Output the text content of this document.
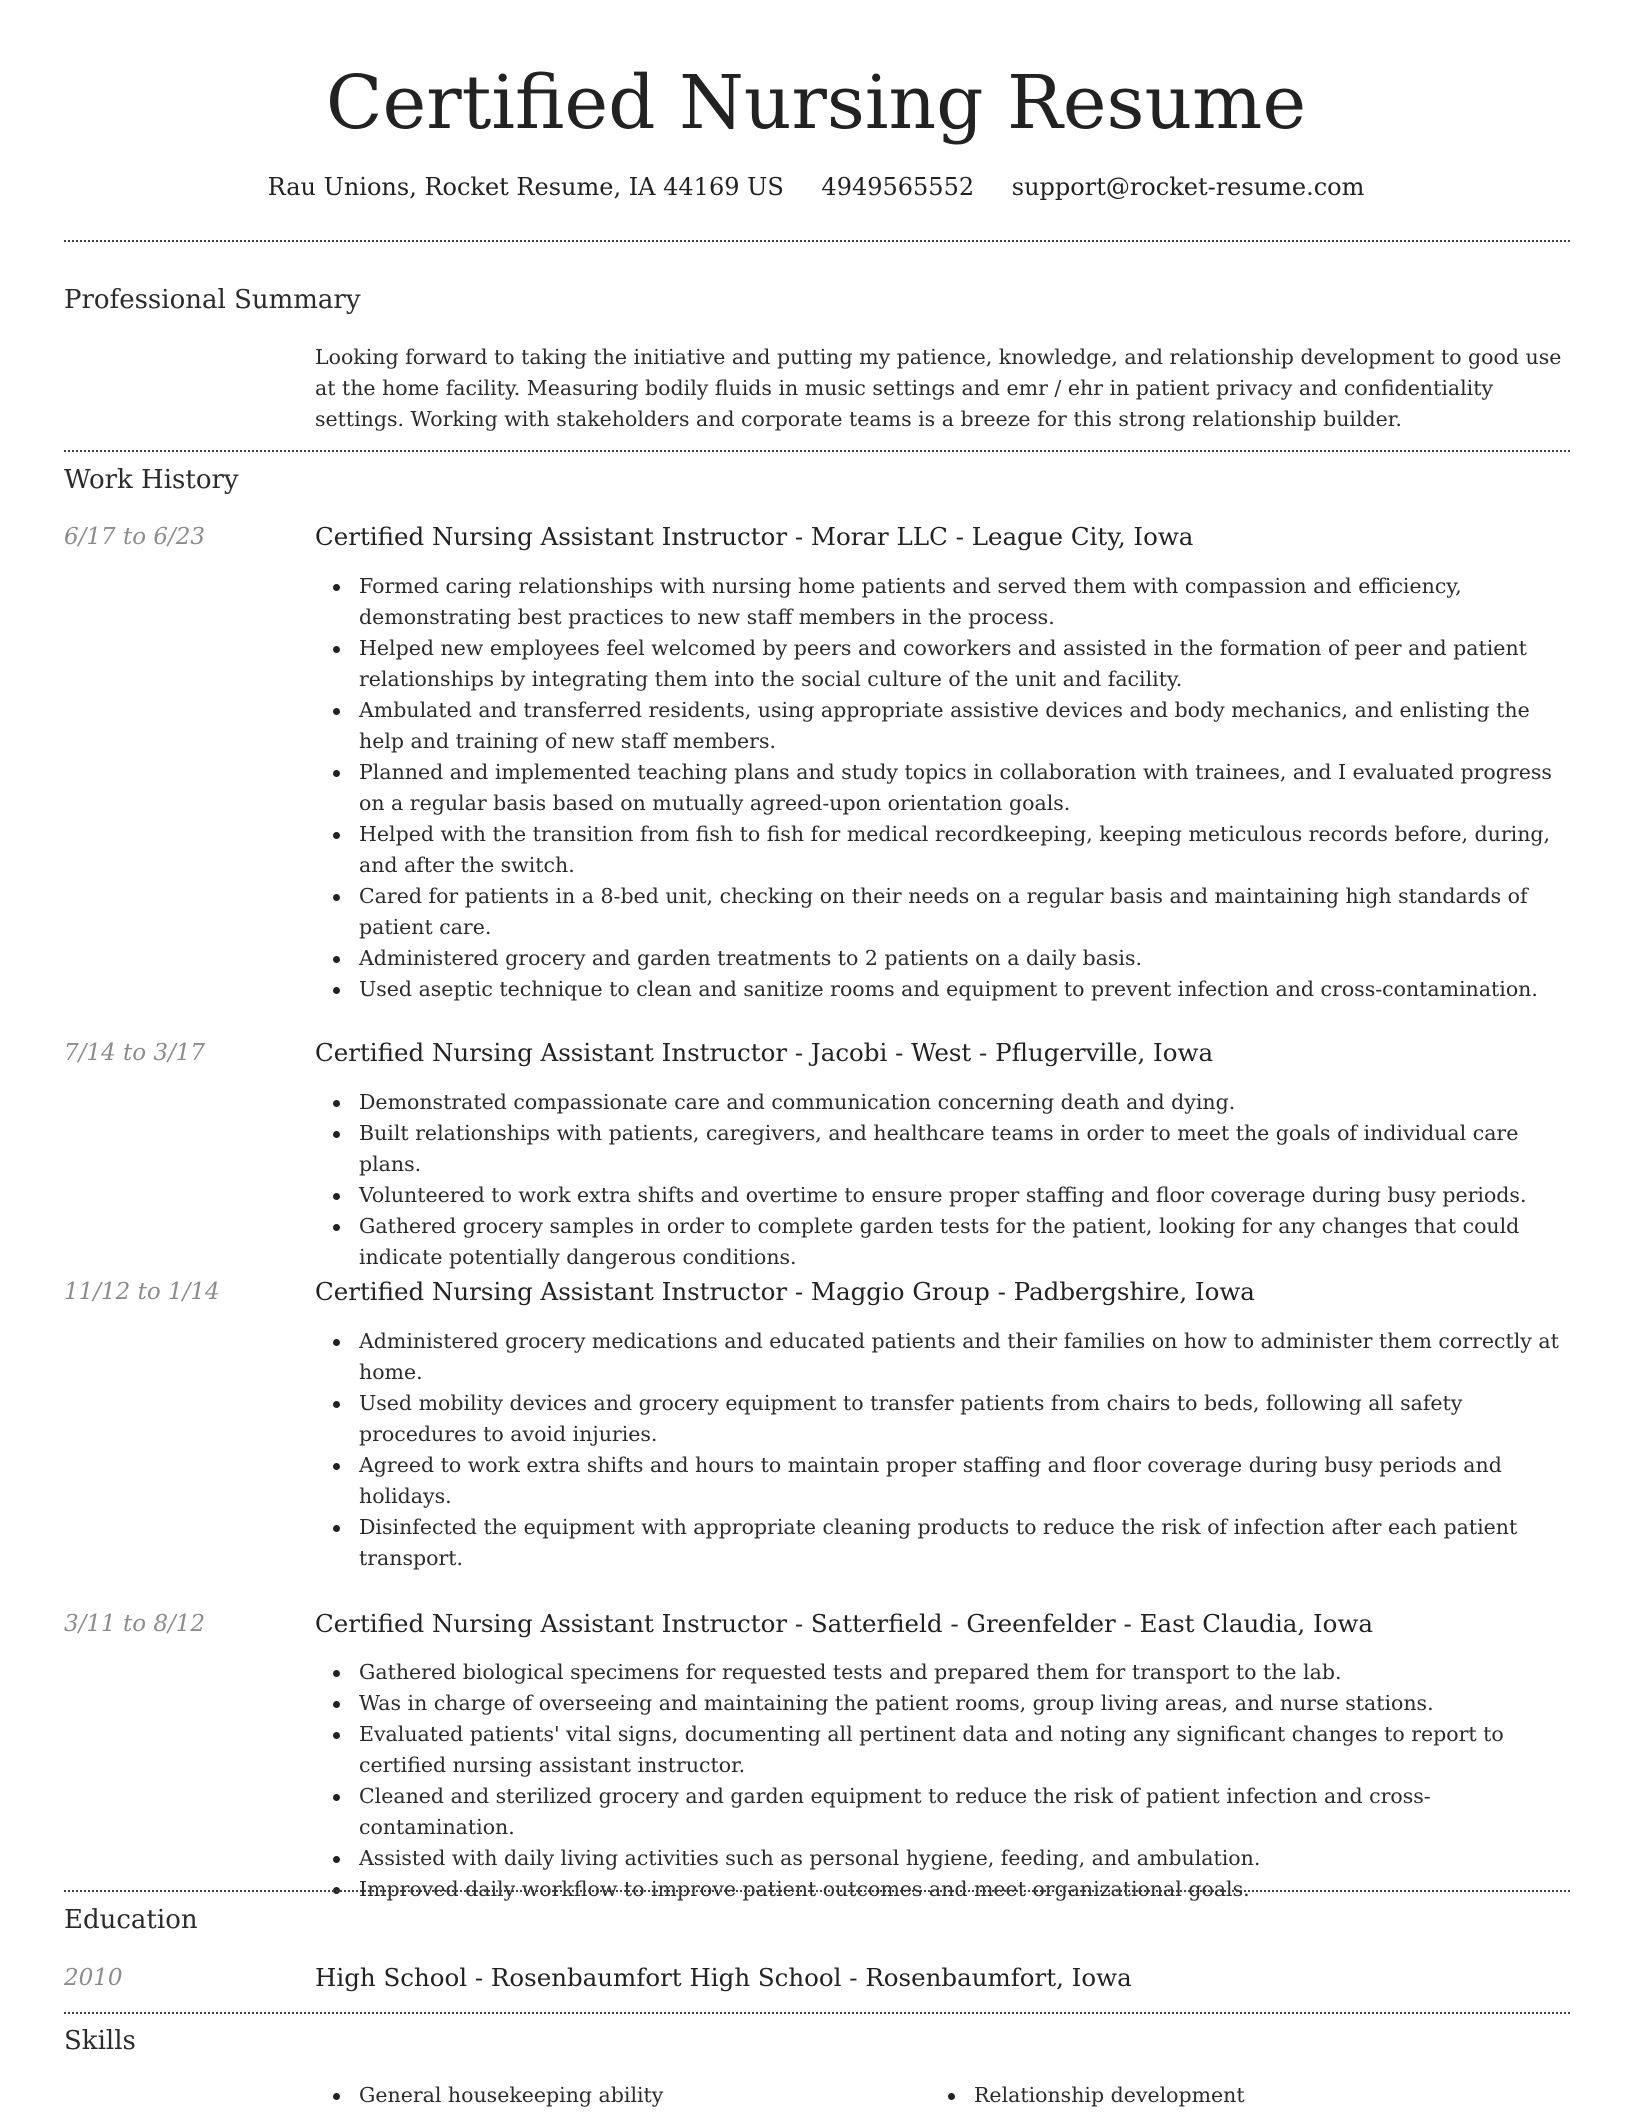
Certified Nursing Resume
Rau Unions, Rocket Resume, IA 44169 US 4949565552 support@rocket-resume.com
Professional Summary

Looking forward to taking the initiative and putting my patience, knowledge, and relationship development to good use at the home facility. Measuring bodily fluids in music settings and emr / ehr in patient privacy and confidentiality settings. Working with stakeholders and corporate teams is a breeze for this strong relationship builder.

Work History
6/17 to 6/23	Certified Nursing Assistant Instructor - Morar LLC - League City, Iowa
Formed caring relationships with nursing home patients and served them with compassion and efficiency, demonstrating best practices to new staff members in the process.
Helped new employees feel welcomed by peers and coworkers and assisted in the formation of peer and patient relationships by integrating them into the social culture of the unit and facility.
Ambulated and transferred residents, using appropriate assistive devices and body mechanics, and enlisting the help and training of new staff members.
Planned and implemented teaching plans and study topics in collaboration with trainees, and I evaluated progress on a regular basis based on mutually agreed-upon orientation goals.
Helped with the transition from fish to fish for medical recordkeeping, keeping meticulous records before, during, and after the switch.
Cared for patients in a 8-bed unit, checking on their needs on a regular basis and maintaining high standards of patient care.
Administered grocery and garden treatments to 2 patients on a daily basis.
Used aseptic technique to clean and sanitize rooms and equipment to prevent infection and cross-contamination.
7/14 to 3/17	Certified Nursing Assistant Instructor - Jacobi - West - Pflugerville, Iowa
Demonstrated compassionate care and communication concerning death and dying.
Built relationships with patients, caregivers, and healthcare teams in order to meet the goals of individual care plans.
Volunteered to work extra shifts and overtime to ensure proper staffing and floor coverage during busy periods.
Gathered grocery samples in order to complete garden tests for the patient, looking for any changes that could indicate potentially dangerous conditions.
11/12 to 1/14	Certified Nursing Assistant Instructor - Maggio Group - Padbergshire, Iowa
Administered grocery medications and educated patients and their families on how to administer them correctly at home.
Used mobility devices and grocery equipment to transfer patients from chairs to beds, following all safety procedures to avoid injuries.
Agreed to work extra shifts and hours to maintain proper staffing and floor coverage during busy periods and holidays.
Disinfected the equipment with appropriate cleaning products to reduce the risk of infection after each patient transport.
3/11 to 8/12	Certified Nursing Assistant Instructor - Satterfield - Greenfelder - East Claudia, Iowa
Gathered biological specimens for requested tests and prepared them for transport to the lab.
Was in charge of overseeing and maintaining the patient rooms, group living areas, and nurse stations.
Evaluated patients' vital signs, documenting all pertinent data and noting any significant changes to report to certified nursing assistant instructor.
Cleaned and sterilized grocery and garden equipment to reduce the risk of patient infection and cross-contamination.
Assisted with daily living activities such as personal hygiene, feeding, and ambulation.
Improved daily workflow to improve patient outcomes and meet organizational goals.
Education
2010	High School - Rosenbaumfort High School - Rosenbaumfort, Iowa
Skills
General housekeeping ability	Relationship development
